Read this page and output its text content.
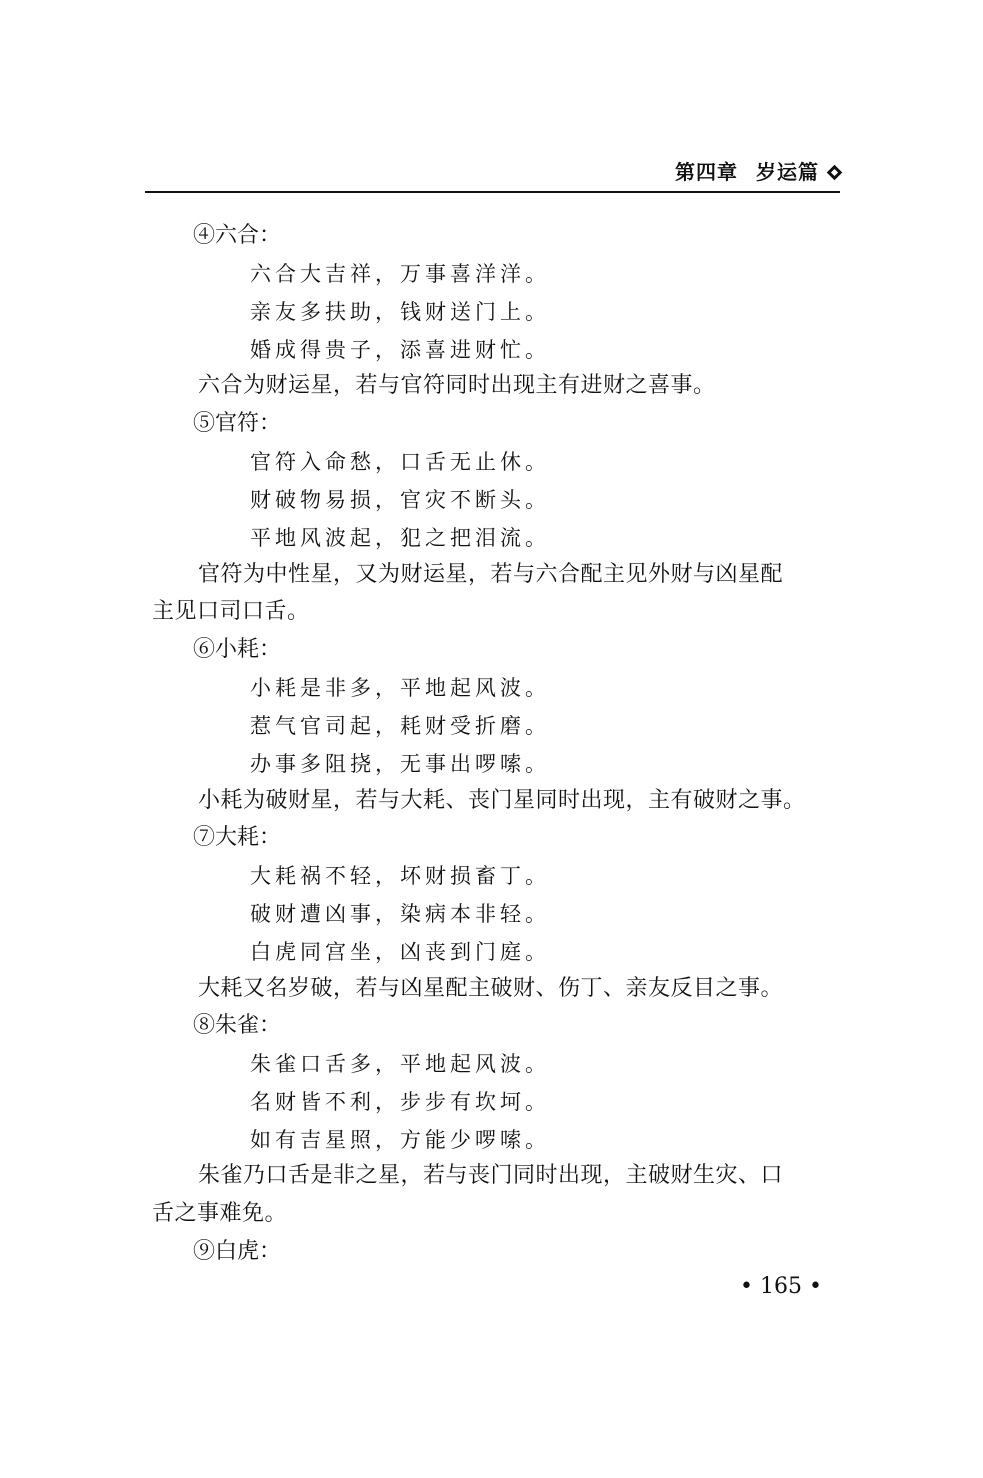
第四章 岁运篇
④六合：
六合大吉祥，万事喜洋洋。
亲友多扶助，钱财送门上。
婚成得贵子，添喜进财忙。
六合为财运星，若与官符同时出现主有进财之喜事。
⑤官符：
官符入命愁，口舌无止休。
财破物易损，官灾不断头。
平地风波起，犯之把泪流。
官符为中性星，又为财运星，若与六合配主见外财与凶星配
主见口司口舌。
⑥小耗：
小耗是非多，平地起风波。
惹气官司起，耗财受折磨。
办事多阻挠，无事出啰嗦。
小耗为破财星，若与大耗、丧门星同时出现，主有破财之事。
⑦大耗：
大耗祸不轻，坏财损畜丁。
破财遭凶事，染病本非轻。
白虎同宫坐，凶丧到门庭。
大耗又名岁破，若与凶星配主破财、伤丁、亲友反目之事。
⑧朱雀：
朱雀口舌多，平地起风波。
名财皆不利，步步有坎坷。
如有吉星照，方能少啰嗦。
朱雀乃口舌是非之星，若与丧门同时出现，主破财生灾、口
舌之事难免。
⑨白虎：
• 165 •
